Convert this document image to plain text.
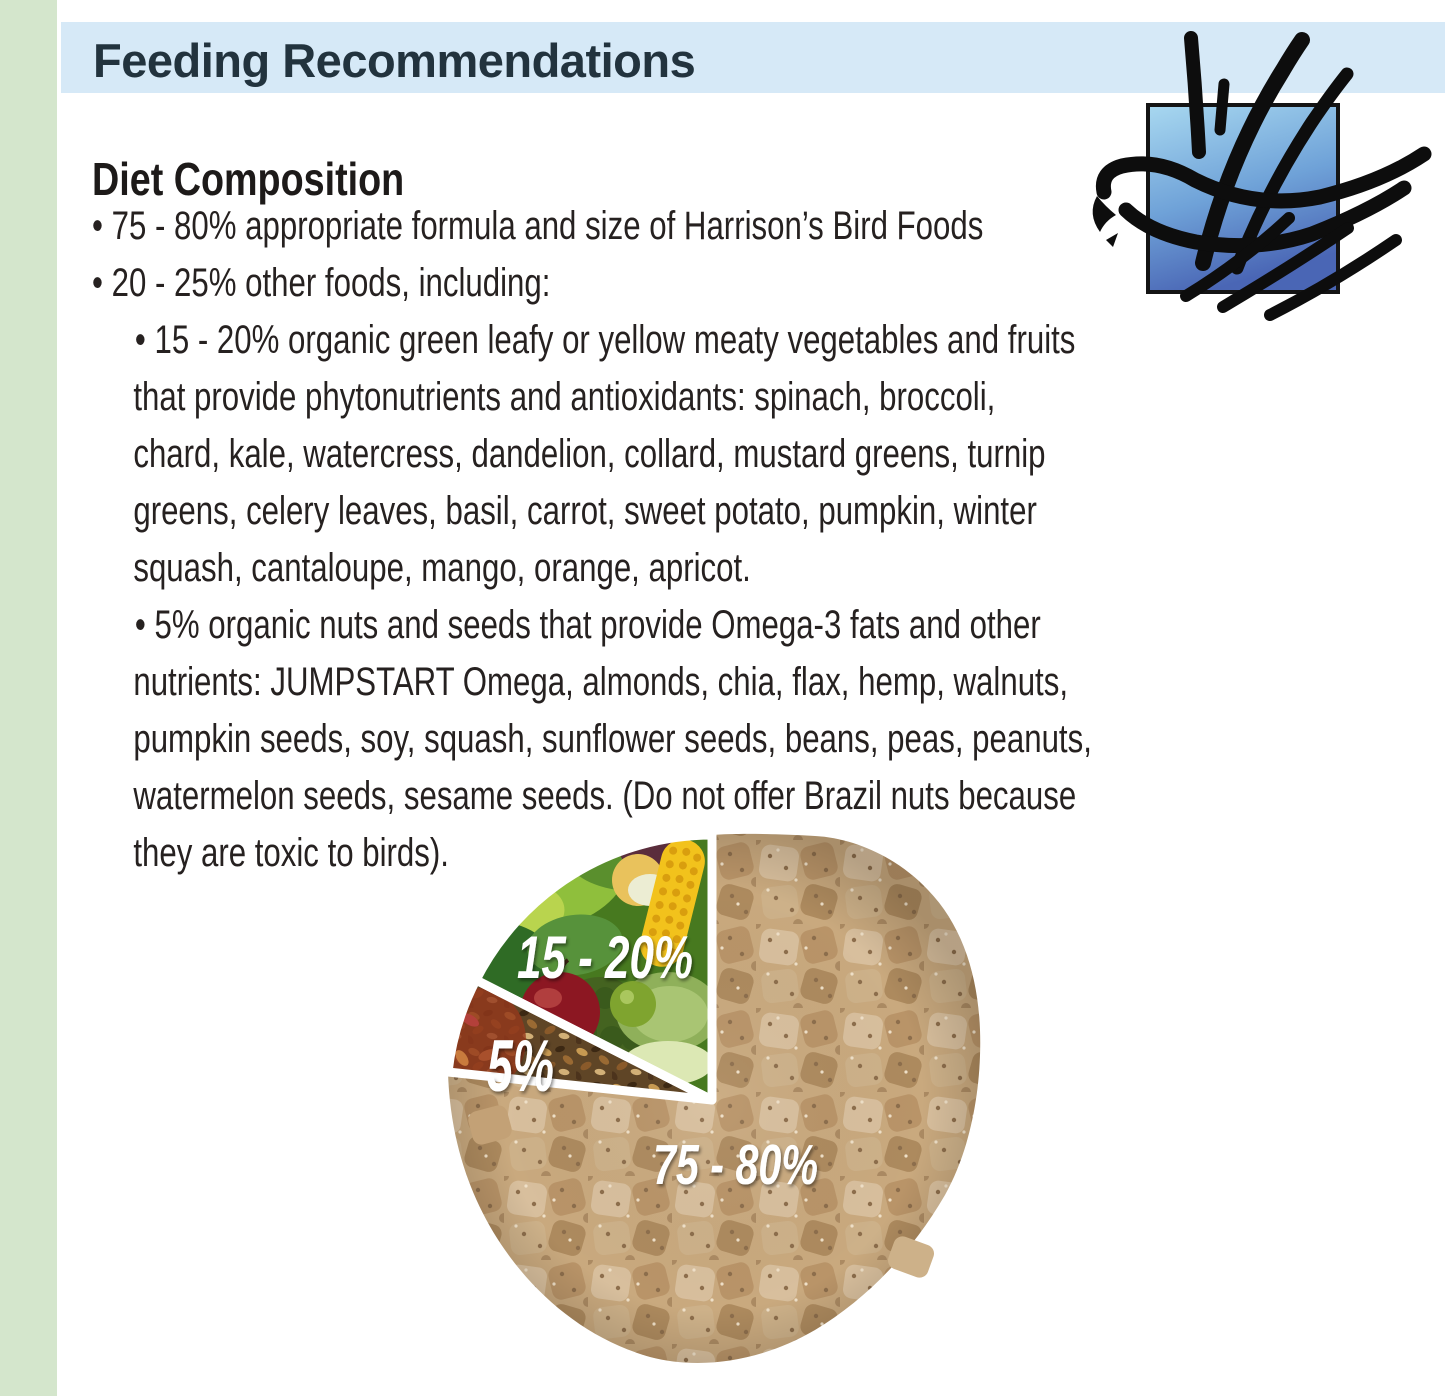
Feeding Recommendations
Diet Composition
• 75 - 80% appropriate formula and size of Harrison’s Bird Foods
• 20 - 25% other foods, including:
• 15 - 20% organic green leafy or yellow meaty vegetables and fruits
that provide phytonutrients and antioxidants: spinach, broccoli,
chard, kale, watercress, dandelion, collard, mustard greens, turnip
greens, celery leaves, basil, carrot, sweet potato, pumpkin, winter
squash, cantaloupe, mango, orange, apricot.
• 5% organic nuts and seeds that provide Omega-3 fats and other
nutrients: JUMPSTART Omega, almonds, chia, flax, hemp, walnuts,
pumpkin seeds, soy, squash, sunflower seeds, beans, peas, peanuts,
watermelon seeds, sesame seeds. (Do not offer Brazil nuts because
they are toxic to birds).
15 - 20%
5%
75 - 80%
